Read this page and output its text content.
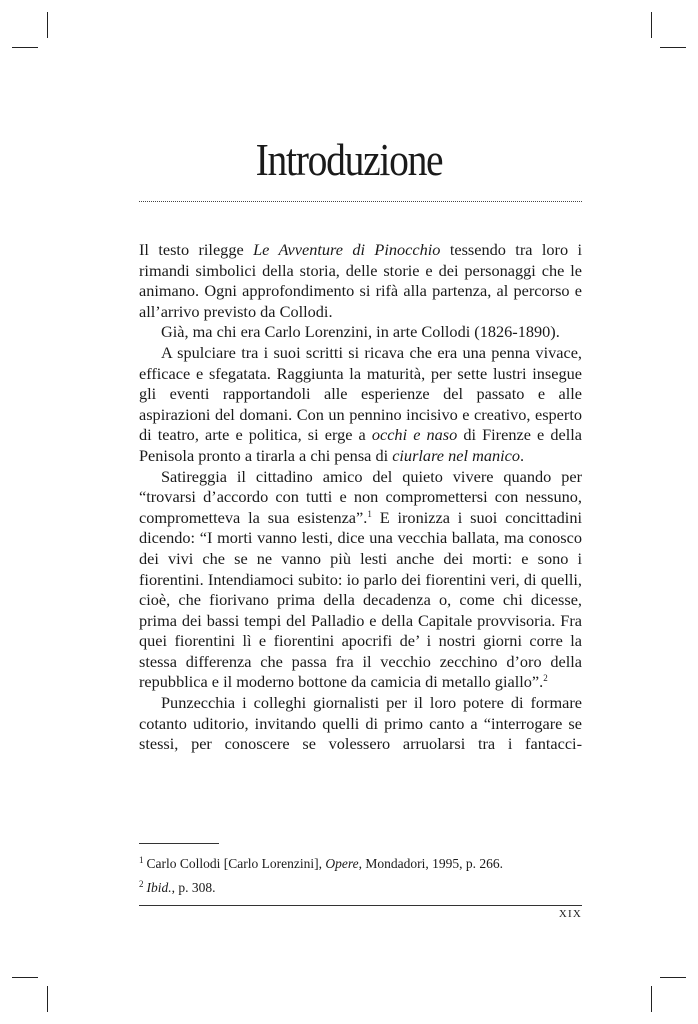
Introduzione

Il testo rilegge Le Avventure di Pinocchio tessendo tra loro i rimandi simbolici della storia, delle storie e dei personaggi che le animano. Ogni approfondimento si rifà alla partenza, al percorso e all’arrivo previsto da Collodi.

Già, ma chi era Carlo Lorenzini, in arte Collodi (1826-1890).

A spulciare tra i suoi scritti si ricava che era una penna vivace, efficace e sfegatata. Raggiunta la maturità, per sette lustri insegue gli eventi rapportandoli alle esperienze del passato e alle aspirazioni del domani. Con un pennino incisivo e creativo, esperto di teatro, arte e politica, si erge a occhi e naso di Firenze e della Penisola pronto a tirarla a chi pensa di ciurlare nel manico.

Satireggia il cittadino amico del quieto vivere quando per “trovarsi d’accordo con tutti e non compromettersi con nessuno, comprometteva la sua esistenza”.$^1$ E ironizza i suoi concittadini dicendo: “I morti vanno lesti, dice una vecchia ballata, ma conosco dei vivi che se ne vanno più lesti anche dei morti: e sono i fiorentini. Intendiamoci subito: io parlo dei fiorentini veri, di quelli, cioè, che fiorivano prima della decadenza o, come chi dicesse, prima dei bassi tempi del Palladio e della Capitale provvisoria. Fra quei fiorentini lì e fiorentini apocrifi de’ i nostri giorni corre la stessa differenza che passa fra il vecchio zecchino d’oro della repubblica e il moderno bottone da camicia di metallo giallo”.$^2$

Punzecchia i colleghi giornalisti per il loro potere di formare cotanto uditorio, invitando quelli di primo canto a “interrogare se stessi, per conoscere se volessero arruolarsi tra i fantacci-

$^1$ Carlo Collodi [Carlo Lorenzini], Opere, Mondadori, 1995, p. 266.
$^2$ Ibid., p. 308.
XIX
